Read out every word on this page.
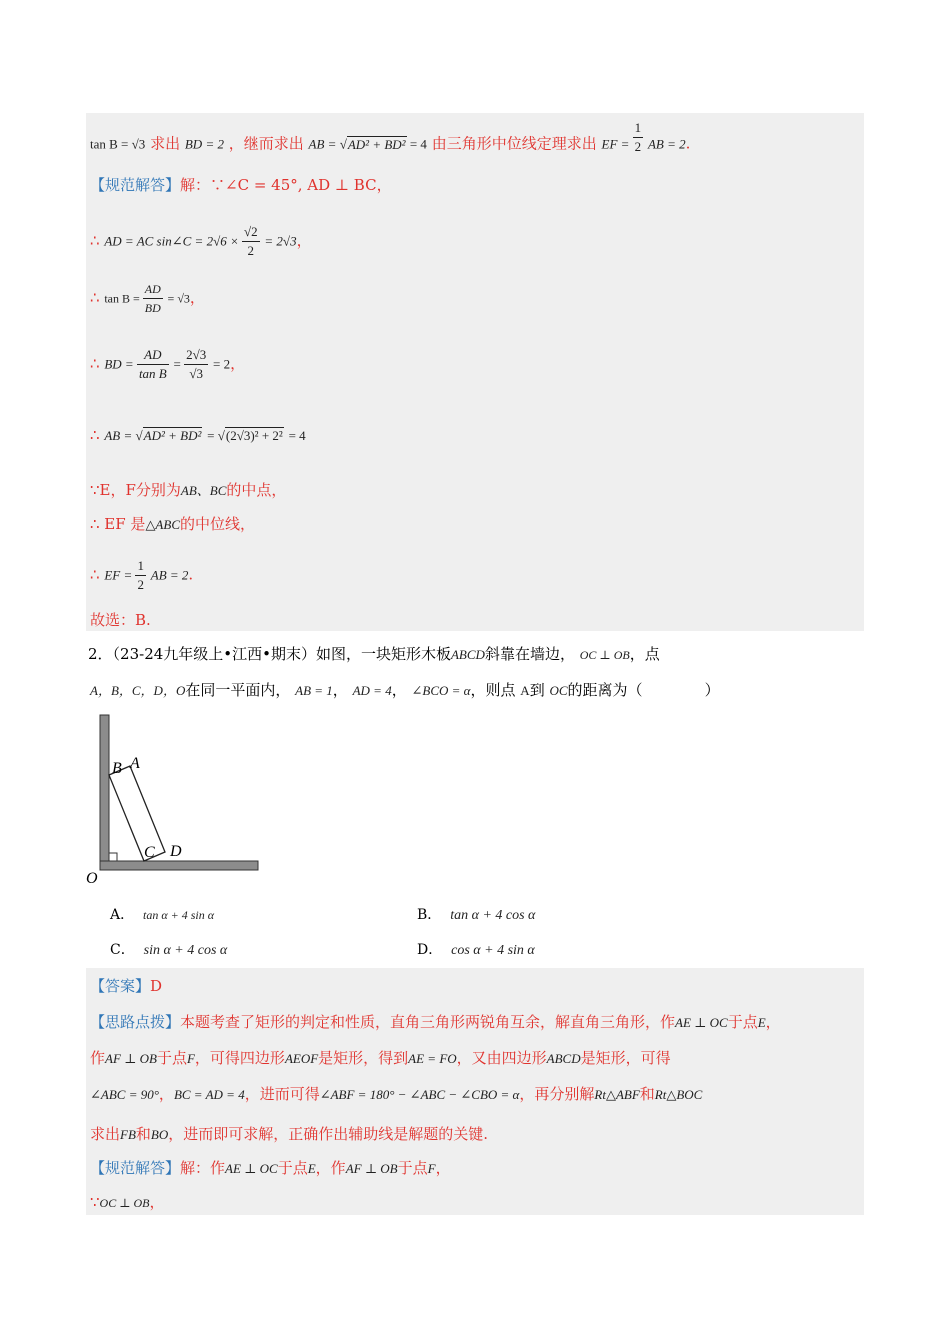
tan B = √3 求出 BD = 2 ，继而求出 AB = √AD² + BD² = 4 由三角形中位线定理求出 EF = $\frac{1}{2}$ AB = 2.
【规范解答】解：∵∠C = 45°, AD ⊥ BC，
∴ AD = AC sin∠C = $2√6 \times \frac{√2}{2} = 2√3$，
∴ $\tan B = \frac{AD}{BD} = √3$，
∴ BD = $\frac{AD}{\text{tan B}} = \frac{2√3}{√3} = 2$，
∴ AB = √AD² + BD² = √(2√3)² + 2² = 4
∵E，F分别为AB、BC的中点，
∴ EF 是△ABC的中位线，
∴ EF = $\frac{1}{2}$ AB = 2.
故选：B.
2．（23-24九年级上•江西•期末）如图，一块矩形木板ABCD斜靠在墙边， OC ⊥ OB，点
A，B，C，D，O在同一平面内， AB = 1， AD = 4， ∠BCO = α，则点 A到 OC的距离为（	）
B A
C D
O
A． tan α + 4 sin α	B． tan α + 4 cos α
C． sin α + 4 cos α	D． cos α + 4 sin α
【答案】D
【思路点拨】本题考查了矩形的判定和性质，直角三角形两锐角互余，解直角三角形，作AE ⊥ OC于点E，
作AF ⊥ OB于点F，可得四边形AEOF是矩形，得到AE = FO，又由四边形ABCD是矩形，可得
∠ABC = 90°，BC = AD = 4，进而可得∠ABF = 180° − ∠ABC − ∠CBO = α，再分别解Rt△ABF和Rt△BOC
求出FB和BO，进而即可求解，正确作出辅助线是解题的关键.
【规范解答】解：作AE ⊥ OC于点E，作AF ⊥ OB于点F，
∵OC ⊥ OB，
